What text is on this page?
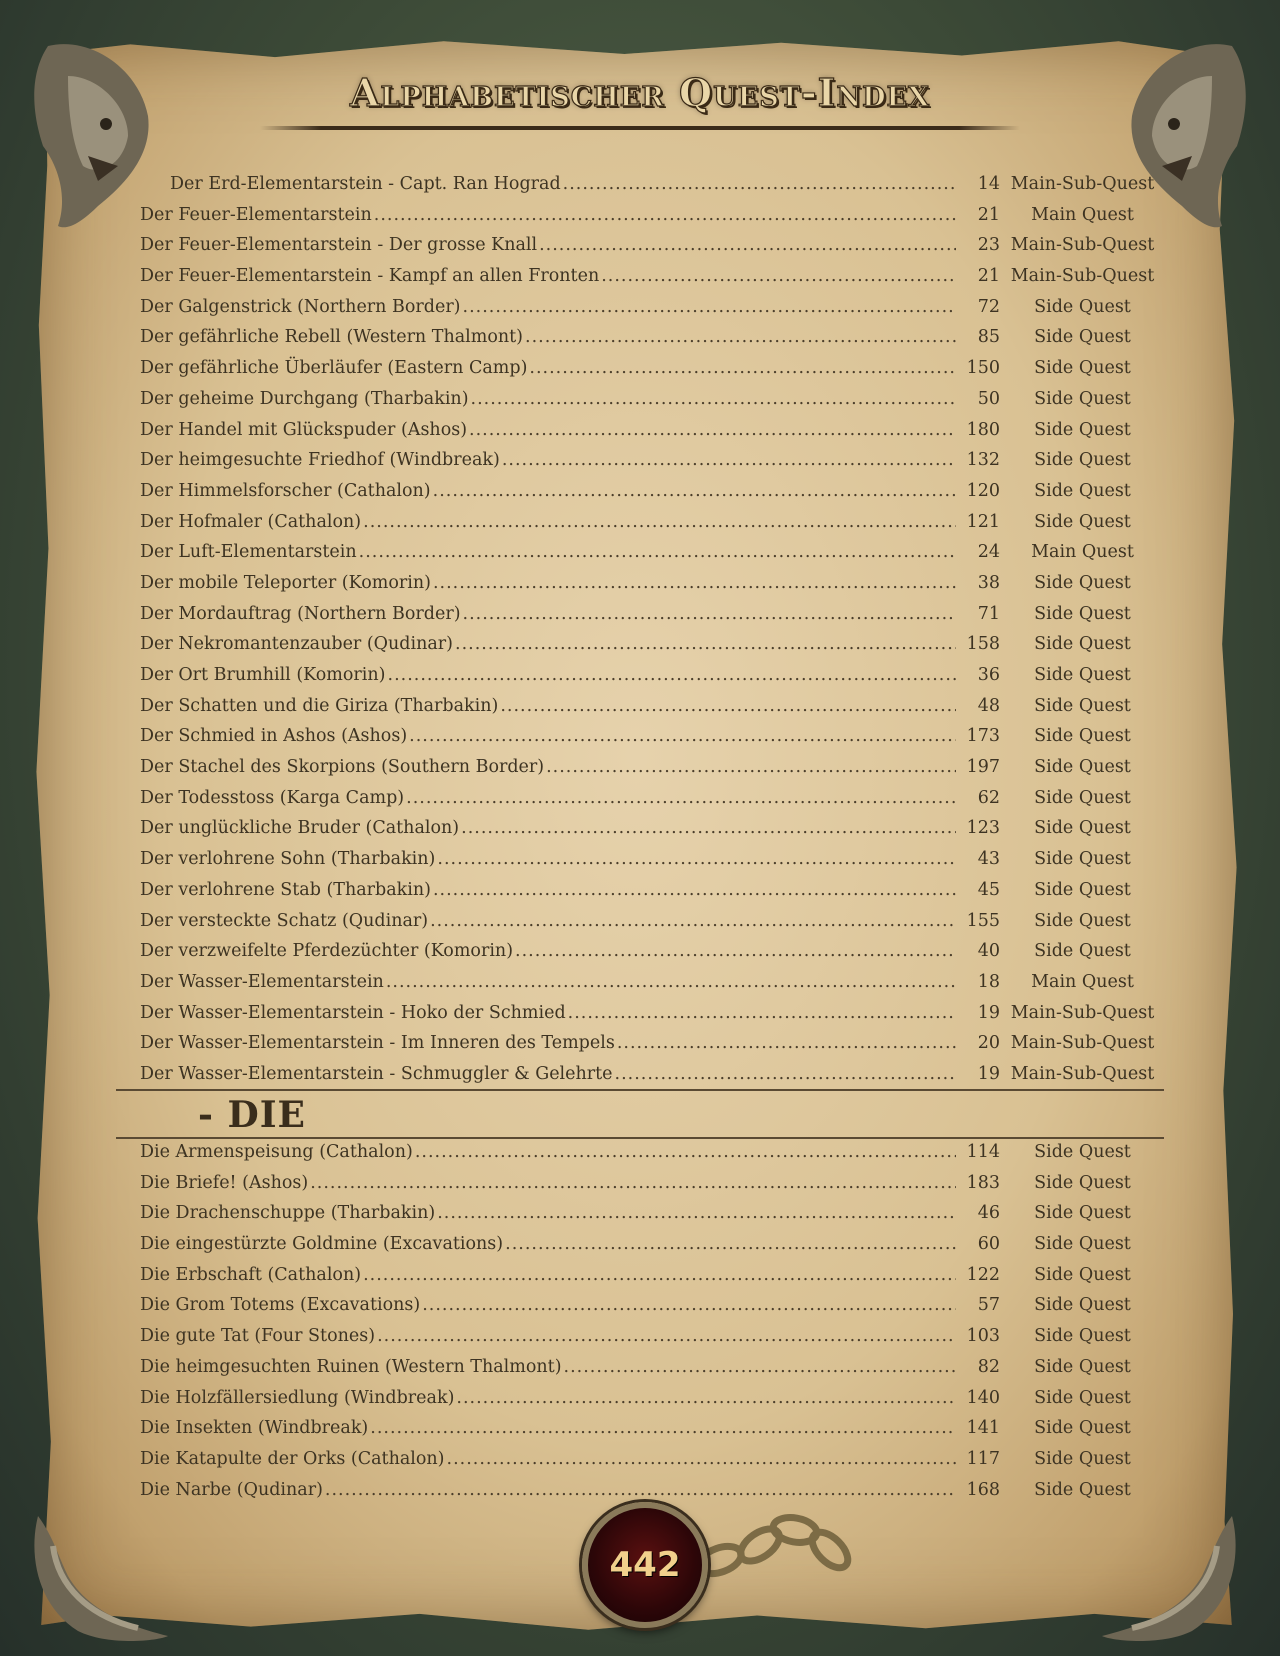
Alphabetischer Quest-Index
Der Erd-Elementarstein - Capt. Ran Hograd .....	14 Main-Sub-Quest
Der Feuer-Elementarstein .....	21	Main Quest
Der Feuer-Elementarstein - Der grosse Knall .....	23 Main-Sub-Quest
Der Feuer-Elementarstein - Kampf an allen Fronten .....	21 Main-Sub-Quest
Der Galgenstrick (Northern Border) .....	72	Side Quest
Der gefährliche Rebell (Western Thalmont) .....	85	Side Quest
Der gefährliche Überläufer (Eastern Camp) .....	150	Side Quest
Der geheime Durchgang (Tharbakin) .....	50	Side Quest
Der Handel mit Glückspuder (Ashos) .....	180	Side Quest
Der heimgesuchte Friedhof (Windbreak) .....	132	Side Quest
Der Himmelsforscher (Cathalon) .....	120	Side Quest
Der Hofmaler (Cathalon) .....	121	Side Quest
Der Luft-Elementarstein .....	24	Main Quest
Der mobile Teleporter (Komorin) .....	38	Side Quest
Der Mordauftrag (Northern Border) .....	71	Side Quest
Der Nekromantenzauber (Qudinar) .....	158	Side Quest
Der Ort Brumhill (Komorin) .....	36	Side Quest
Der Schatten und die Giriza (Tharbakin) .....	48	Side Quest
Der Schmied in Ashos (Ashos) .....	173	Side Quest
Der Stachel des Skorpions (Southern Border) .....	197	Side Quest
Der Todesstoss (Karga Camp) .....	62	Side Quest
Der unglückliche Bruder (Cathalon) .....	123	Side Quest
Der verlohrene Sohn (Tharbakin) .....	43	Side Quest
Der verlohrene Stab (Tharbakin) .....	45	Side Quest
Der versteckte Schatz (Qudinar) .....	155	Side Quest
Der verzweifelte Pferdezüchter (Komorin) .....	40	Side Quest
Der Wasser-Elementarstein .....	18	Main Quest
Der Wasser-Elementarstein - Hoko der Schmied .....	19 Main-Sub-Quest
Der Wasser-Elementarstein - Im Inneren des Tempels .....	20 Main-Sub-Quest
Der Wasser-Elementarstein - Schmuggler & Gelehrte .....	19 Main-Sub-Quest
- DIE
Die Armenspeisung (Cathalon) .....	114	Side Quest
Die Briefe! (Ashos) .....	183	Side Quest
Die Drachenschuppe (Tharbakin) .....	46	Side Quest
Die eingestürzte Goldmine (Excavations) .....	60	Side Quest
Die Erbschaft (Cathalon) .....	122	Side Quest
Die Grom Totems (Excavations) .....	57	Side Quest
Die gute Tat (Four Stones) .....	103	Side Quest
Die heimgesuchten Ruinen (Western Thalmont) .....	82	Side Quest
Die Holzfällersiedlung (Windbreak) .....	140	Side Quest
Die Insekten (Windbreak) .....	141	Side Quest
Die Katapulte der Orks (Cathalon) .....	117	Side Quest
Die Narbe (Qudinar) .....	168	Side Quest
442
